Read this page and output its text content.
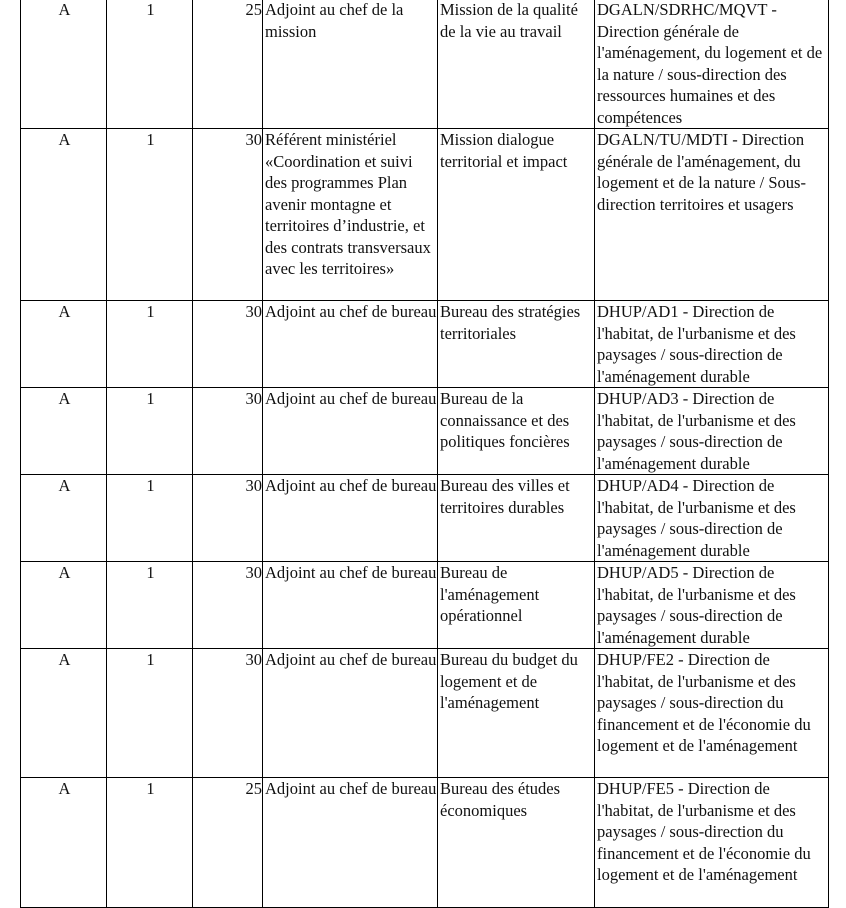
A	1	25	Adjoint au chef de la mission	Mission de la qualité de la vie au travail	DGALN/SDRHC/MQVT - Direction générale de l'aménagement, du logement et de la nature / sous-direction des ressources humaines et des compétences
A	1	30	Référent ministériel «Coordination et suivi des programmes Plan avenir montagne et territoires d’industrie, et des contrats transversaux avec les territoires»	Mission dialogue territorial et impact	DGALN/TU/MDTI - Direction générale de l'aménagement, du logement et de la nature / Sous-direction territoires et usagers
A	1	30	Adjoint au chef de bureau	Bureau des stratégies territoriales	DHUP/AD1 - Direction de l'habitat, de l'urbanisme et des paysages / sous-direction de l'aménagement durable
A	1	30	Adjoint au chef de bureau	Bureau de la connaissance et des politiques foncières	DHUP/AD3 - Direction de l'habitat, de l'urbanisme et des paysages / sous-direction de l'aménagement durable
A	1	30	Adjoint au chef de bureau	Bureau des villes et territoires durables	DHUP/AD4 - Direction de l'habitat, de l'urbanisme et des paysages / sous-direction de l'aménagement durable
A	1	30	Adjoint au chef de bureau	Bureau de l'aménagement opérationnel	DHUP/AD5 - Direction de l'habitat, de l'urbanisme et des paysages / sous-direction de l'aménagement durable
A	1	30	Adjoint au chef de bureau	Bureau du budget du logement et de l'aménagement	DHUP/FE2 - Direction de l'habitat, de l'urbanisme et des paysages / sous-direction du financement et de l'économie du logement et de l'aménagement
A	1	25	Adjoint au chef de bureau	Bureau des études économiques	DHUP/FE5 - Direction de l'habitat, de l'urbanisme et des paysages / sous-direction du financement et de l'économie du logement et de l'aménagement
